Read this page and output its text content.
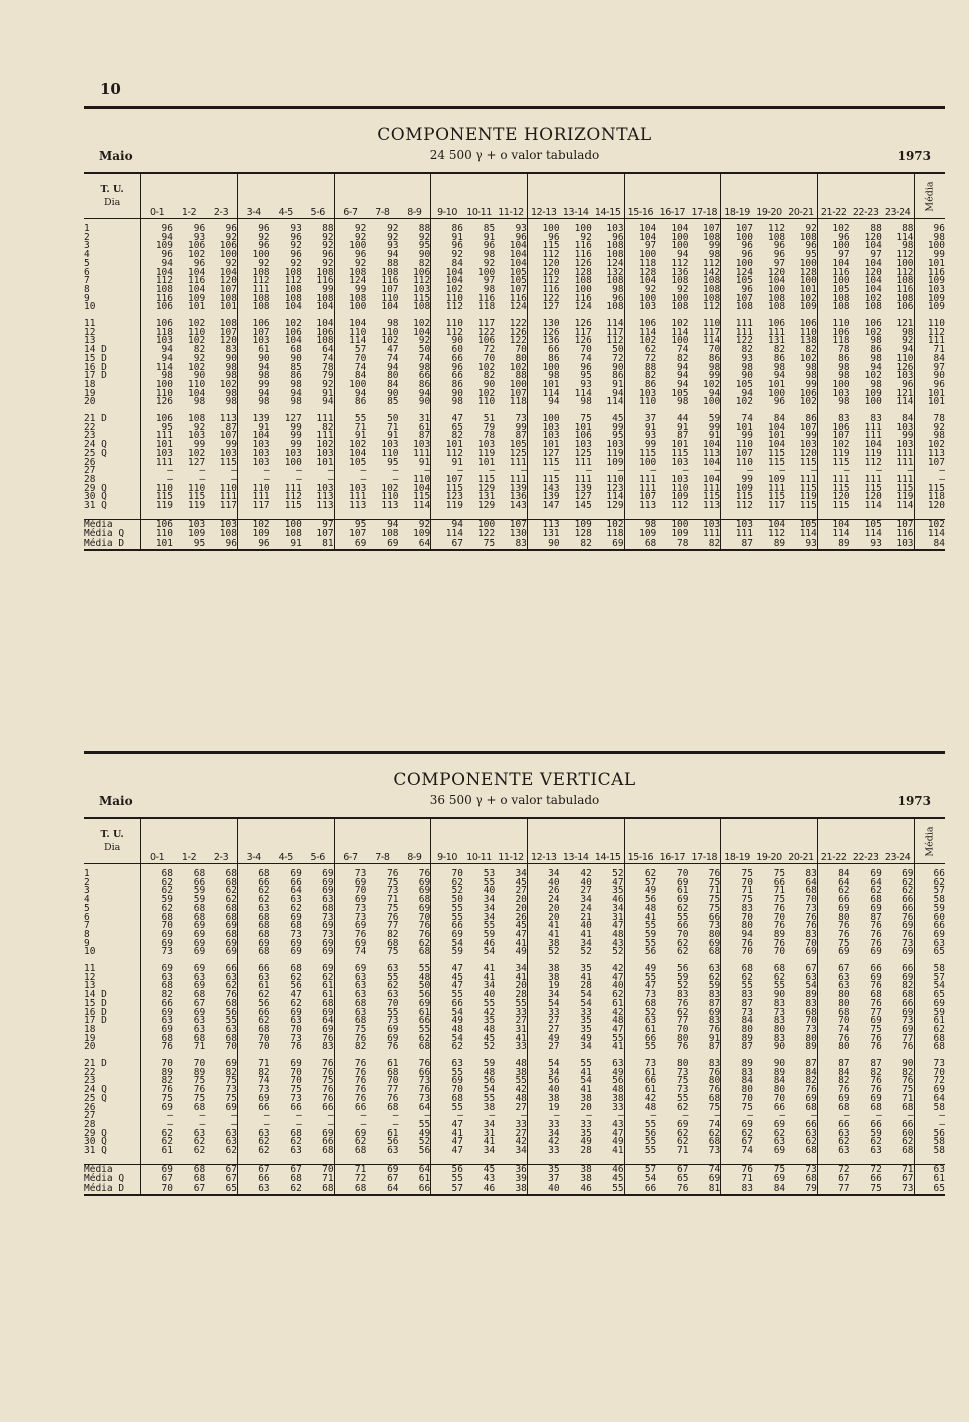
10
COMPONENTE HORIZONTAL
Maio	24 500 γ + o valor tabulado	1973
T. U.
Dia	0-1	1-2	2-3	3-4	4-5	5-6	6-7	7-8	8-9	9-10	10-11	11-12	12-13	13-14	14-15	15-16	16-17	17-18	18-19	19-20	20-21	21-22	22-23	23-24	Média

1	96	96	96	96	93	88	92	92	88	86	85	93	100	100	103	104	104	107	107	112	92	102	88	88	96
2	94	93	92	92	96	92	92	92	92	91	91	96	96	92	96	104	100	108	100	108	108	96	120	114	98
3	109	106	106	96	92	92	100	93	95	96	96	104	115	116	108	97	100	99	96	96	96	100	104	98	100
4	96	102	100	100	96	96	96	94	90	92	98	104	112	116	108	100	94	98	96	96	95	97	97	112	99
5	94	96	92	92	92	92	92	88	82	84	92	104	120	126	124	118	112	112	100	97	100	104	104	100	101
6	104	104	104	108	108	108	108	108	106	104	100	105	120	128	132	128	136	142	124	120	128	116	120	112	116
7	112	116	120	112	112	116	124	116	112	104	97	105	112	108	108	104	108	108	105	104	100	100	104	108	109
8	108	104	107	111	108	99	99	107	103	102	98	107	116	100	98	92	92	108	96	100	101	105	104	116	103
9	116	109	108	108	108	108	108	110	115	110	116	116	122	116	96	100	100	108	107	108	102	108	102	108	109
10	106	101	101	108	104	104	100	104	108	112	118	124	127	124	108	103	108	112	108	108	109	108	108	106	109

11	106	102	108	106	102	104	104	98	102	110	117	122	130	126	114	106	102	110	111	106	106	110	106	121	110
12	118	110	107	107	106	106	110	110	104	112	122	126	126	117	117	114	114	117	111	111	110	106	102	98	112
13	103	102	120	103	104	108	114	102	92	90	106	122	136	126	112	102	100	114	122	131	138	118	98	92	111
14 D	94	82	83	61	68	64	57	47	50	60	72	70	66	70	50	62	74	70	82	82	82	78	86	94	71
15 D	94	92	90	90	90	74	70	74	74	66	70	80	86	74	72	72	82	86	93	86	102	86	98	110	84
16 D	114	102	98	94	85	78	74	94	98	96	102	102	100	96	90	88	94	98	98	98	98	98	94	126	97
17 D	98	90	98	98	86	79	84	80	66	66	82	88	98	95	86	82	94	99	90	94	98	98	102	103	90
18	100	110	102	99	98	92	100	84	86	86	90	100	101	93	91	86	94	102	105	101	99	100	98	96	96
19	110	104	98	94	94	91	94	90	94	90	102	107	114	114	94	103	105	94	94	100	106	103	109	121	101
20	126	98	98	98	98	94	86	85	90	98	110	118	94	98	114	110	98	100	102	96	102	98	100	114	101

21 D	106	108	113	139	127	111	55	50	31	47	51	73	100	75	45	37	44	59	74	84	86	83	83	84	78
22	95	92	87	91	99	82	71	71	61	65	79	99	103	101	99	91	91	99	101	104	107	106	111	103	92
23	111	103	107	104	99	111	91	91	87	82	78	87	103	106	95	93	87	91	99	101	99	107	111	99	98
24 Q	101	99	99	103	99	102	102	103	103	101	103	105	101	103	103	99	101	104	110	104	103	102	104	103	102
25 Q	103	102	103	103	103	103	104	110	111	112	119	125	127	125	119	115	115	113	107	115	120	119	119	111	113
26	111	127	115	103	100	101	105	95	91	91	101	111	115	111	109	100	103	104	110	115	115	115	112	111	107
27	—	—	—	—	—	—	—	—	—	—	—	—	—	—	—	—	—	—	—	—	—	—	—	—	—
28	—	—	—	—	—	—	—	—	110	107	115	111	115	111	110	111	103	104	99	109	111	111	111	111	—
29 Q	110	110	110	110	111	103	103	102	104	115	129	139	143	139	123	111	110	111	109	111	115	115	115	115	115
30 Q	115	115	111	111	112	113	111	110	115	123	131	136	139	127	114	107	109	115	115	115	119	120	120	119	118
31 Q	119	119	117	117	115	113	113	113	114	119	129	143	147	145	129	113	112	113	112	117	115	115	114	114	120

Média	106	103	103	102	100	97	95	94	92	94	100	107	113	109	102	98	100	103	103	104	105	104	105	107	102
Média Q	110	109	108	109	108	107	107	108	109	114	122	130	131	128	118	109	109	111	111	112	114	114	114	116	114
Média D	101	95	96	96	91	81	69	69	64	67	75	83	90	82	69	68	78	82	87	89	93	89	93	103	84
COMPONENTE VERTICAL
Maio	36 500 γ + o valor tabulado	1973
T. U.
Dia	0-1	1-2	2-3	3-4	4-5	5-6	6-7	7-8	8-9	9-10	10-11	11-12	12-13	13-14	14-15	15-16	16-17	17-18	18-19	19-20	20-21	21-22	22-23	23-24	Média

1	68	68	68	68	69	69	73	76	76	70	53	34	34	42	52	62	70	76	75	75	83	84	69	69	66
2	62	66	68	66	66	69	69	75	69	62	55	45	40	40	47	57	69	75	70	66	64	64	64	62	62
3	62	59	62	62	64	69	70	73	69	52	40	27	26	27	35	49	61	71	71	71	68	62	62	62	57
4	59	59	62	62	63	63	69	71	68	50	34	20	24	34	46	56	69	75	75	75	70	66	68	66	58
5	62	68	68	63	62	68	73	75	69	55	34	20	20	24	34	48	62	75	83	76	73	69	69	66	59
6	68	68	68	68	69	73	73	76	70	55	34	26	20	21	31	41	55	66	70	70	76	80	87	76	60
7	70	69	69	68	68	69	69	77	76	66	55	45	41	40	47	55	66	73	80	76	76	76	76	69	66
8	69	69	68	68	73	73	76	82	76	69	59	47	41	41	48	59	70	80	94	89	83	76	76	76	69
9	69	69	69	69	69	69	69	68	62	54	46	41	38	34	43	55	62	69	76	76	70	75	76	73	63
10	73	69	69	68	69	69	74	75	68	59	54	49	52	52	52	56	62	68	70	70	69	69	69	69	65

11	69	69	66	66	68	69	69	63	55	47	41	34	38	35	42	49	56	63	68	68	67	67	66	66	58
12	63	63	63	63	62	62	63	55	48	45	41	41	38	41	47	55	59	62	62	62	63	63	69	69	57
13	68	69	62	61	56	61	63	62	50	47	34	20	19	28	40	47	52	59	55	55	54	63	76	82	54
14 D	82	68	76	62	47	61	63	63	56	55	40	28	34	54	62	73	83	83	83	90	89	80	68	68	65
15 D	66	67	68	56	62	68	68	70	69	66	55	55	54	54	61	68	76	87	87	83	83	80	76	66	69
16 D	69	69	56	66	69	69	63	55	61	54	42	33	33	33	42	52	62	69	73	73	68	68	77	69	59
17 D	63	63	55	62	63	64	68	73	66	49	35	27	27	35	48	63	77	83	84	83	70	70	69	73	61
18	69	63	63	68	70	69	75	69	55	48	48	31	27	35	47	61	70	76	80	80	73	74	75	69	62
19	68	68	68	70	73	76	76	69	62	54	45	41	49	49	55	66	80	91	89	83	80	76	76	77	68
20	76	71	70	70	76	83	82	76	68	62	52	33	27	34	41	55	76	87	87	90	89	80	76	76	68

21 D	70	70	69	71	69	76	76	61	76	63	59	48	54	55	63	73	80	83	89	90	87	87	87	90	73
22	89	89	82	82	70	76	76	68	66	55	48	38	34	41	49	61	73	76	83	89	84	84	82	82	70
23	82	75	75	74	70	75	76	70	73	69	56	55	56	54	56	66	75	80	84	84	82	82	76	76	72
24 Q	76	76	73	73	75	76	76	77	76	70	54	42	40	41	48	61	73	76	80	80	76	76	76	75	69
25 Q	75	75	75	69	73	76	76	76	73	68	55	48	38	38	38	42	55	68	70	70	69	69	69	71	64
26	69	68	69	66	66	66	66	68	64	55	38	27	19	20	33	48	62	75	75	66	68	68	68	68	58
27	—	—	—	—	—	—	—	—	—	—	—	—	—	—	—	—	—	—	—	—	—	—	—	—	—
28	—	—	—	—	—	—	—	—	55	47	34	33	33	33	43	55	69	74	69	69	66	66	66	66	—
29 Q	62	63	63	63	68	69	69	61	49	41	31	27	34	35	47	56	62	62	62	62	63	63	59	60	56
30 Q	62	62	63	62	62	66	62	56	52	47	41	42	42	49	49	55	62	68	67	63	62	62	62	62	58
31 Q	61	62	62	62	63	68	68	63	56	47	34	34	33	28	41	55	71	73	74	69	68	63	63	68	58

Média	69	68	67	67	67	70	71	69	64	56	45	36	35	38	46	57	67	74	76	75	73	72	72	71	63
Média Q	67	68	67	66	68	71	72	67	61	55	43	39	37	38	45	54	65	69	71	69	68	67	66	67	61
Média D	70	67	65	63	62	68	68	64	66	57	46	38	40	46	55	66	76	81	83	84	79	77	75	73	65
